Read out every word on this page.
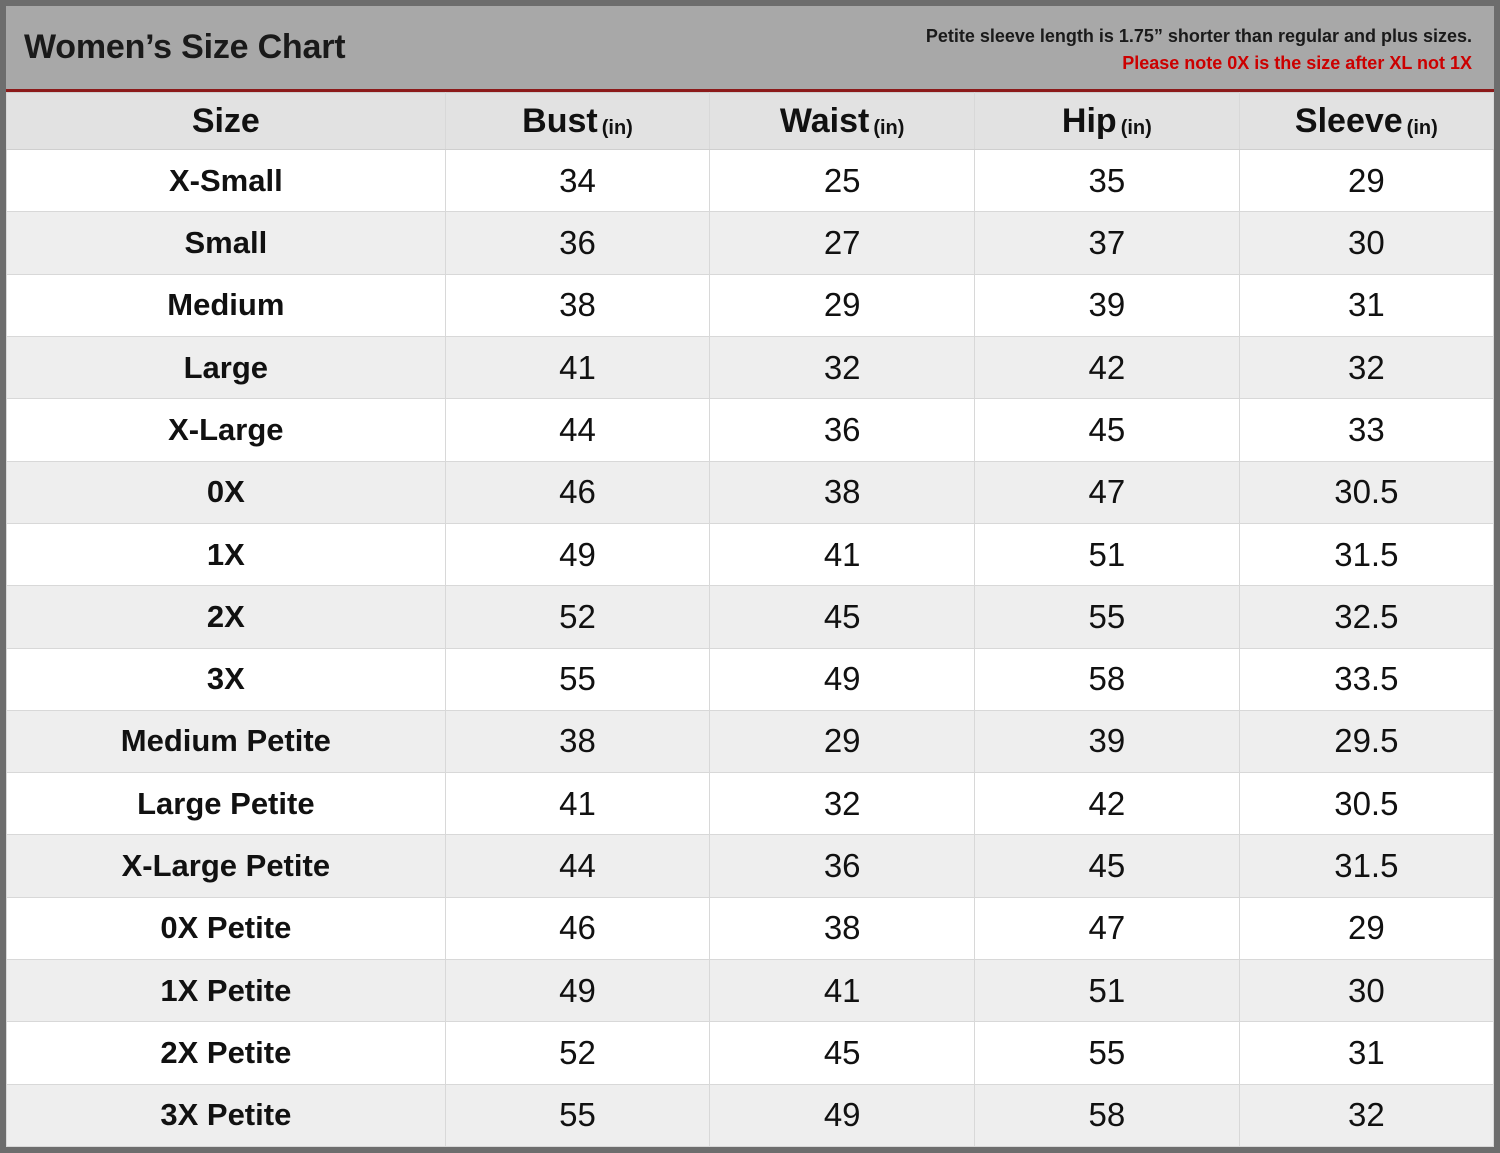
Women’s Size Chart	Petite sleeve length is 1.75” shorter than regular and plus sizes.
Please note 0X is the size after XL not 1X
Size	Bust (in)	Waist (in)	Hip (in)	Sleeve (in)
X-Small	34	25	35	29
Small	36	27	37	30
Medium	38	29	39	31
Large	41	32	42	32
X-Large	44	36	45	33
0X	46	38	47	30.5
1X	49	41	51	31.5
2X	52	45	55	32.5
3X	55	49	58	33.5
Medium Petite	38	29	39	29.5
Large Petite	41	32	42	30.5
X-Large Petite	44	36	45	31.5
0X Petite	46	38	47	29
1X Petite	49	41	51	30
2X Petite	52	45	55	31
3X Petite	55	49	58	32
